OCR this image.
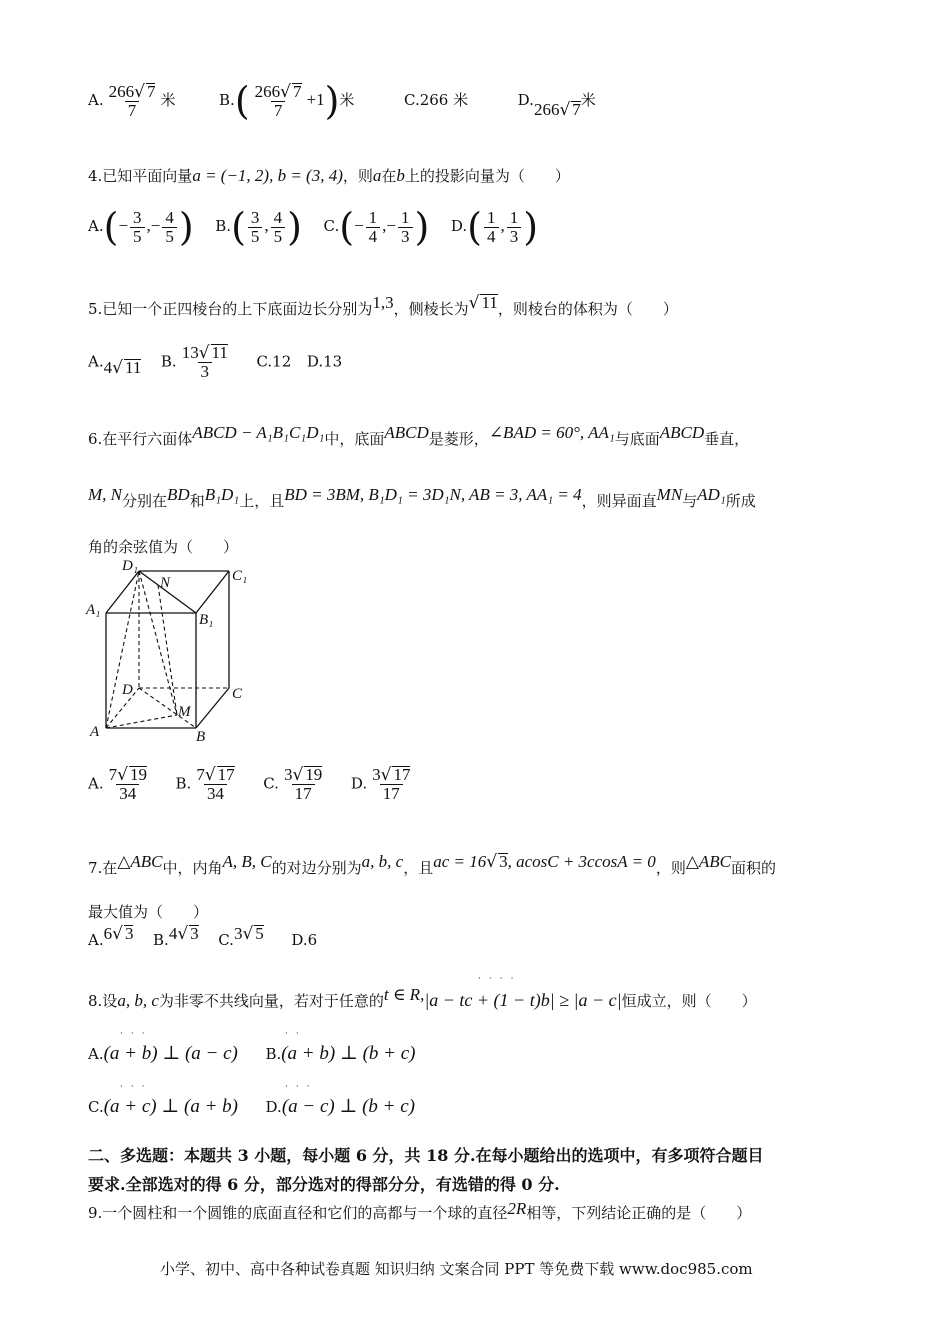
A. $\frac{266√ 7}{7}$ 米	$B.( \frac{266√ 7}{7} +1)$米	C.266 米	D.266√ 7米
4.已知平面向量a = (−1, 2), b = (3, 4)，则a在b上的投影向量为（　　）
$A.(- \frac{3}{5}$ ,− $\frac{4}{5}$ ) $B.( \frac{3}{5}$ , $\frac{4}{5}$ ) $C.(- \frac{1}{4}$ ,− $\frac{1}{3}$ ) $D.( \frac{1}{4}$ , $\frac{1}{3}$ )
5.已知一个正四棱台的上下底面边长分别为1,3，侧棱长为√ 11，则棱台的体积为（　　）
A.4√ 11 B. $\frac{13√ 11}{3} C.12$ D.13
6.在平行六面体ABCD − A₁B₁C₁D₁中，底面ABCD是菱形，∠BAD = 60°, AA₁与底面ABCD垂直，
M, N分别在BD和B₁D₁上，且BD = 3BM, B₁D₁ = 3D₁N, AB = 3, AA₁ = 4，则异面直MN与AD₁所成
角的余弦值为（　　）
D₁
N	C₁
A₁
B₁
D	C
M
A	B
A. $\frac{7√ 19}{34} B$. $\frac{7√ 17}{34} C$. $\frac{3√ 19}{17} D$. $\frac{3√ 17}{17}$
7.在△ABC中，内角A, B, C的对边分别为a, b, c，且ac = 16√ 3, acosC + 3ccosA = 0，则△ABC面积的
最大值为（　　）
A.6√ 3 B.4√ 3 C.3√ 5 D.6
····
8.设a, b, c为非零不共线向量，若对于任意的t ∈ R,|a − tc + (1 − t)b| ≥ |a − c|恒成立，则（　　）
···	··
A.(a + b) ⊥ (a − c) B.(a + b) ⊥ (b + c)
···	···
C.(a + c) ⊥ (a + b) D.(a − c) ⊥ (b + c)
二、多选题：本题共 3 小题，每小题 6 分，共 18 分.在每小题给出的选项中，有多项符合题目
要求.全部选对的得 6 分，部分选对的得部分分，有选错的得 0 分.
9.一个圆柱和一个圆锥的底面直径和它们的高都与一个球的直径2R相等，下列结论正确的是（　　）
小学、初中、高中各种试卷真题 知识归纳 文案合同 PPT 等免费下载 www.doc985.com
